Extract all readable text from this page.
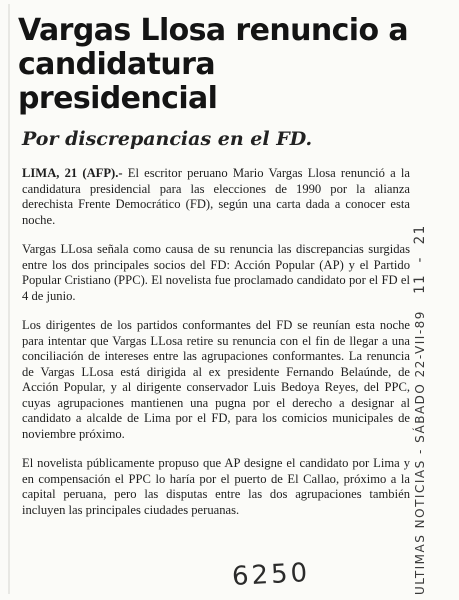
Vargas Llosa renuncio a
candidatura presidencial
Por discrepancias en el FD.

LIMA, 21 (AFP).- El escritor peruano Mario Vargas Llosa renunció a la candidatura presidencial para las elecciones de 1990 por la alianza derechista Frente Democrático (FD), según una carta dada a conocer esta noche.

Vargas LLosa señala como causa de su renuncia las discrepancias surgidas entre los dos principales socios del FD: Acción Popular (AP) y el Partido Popular Cristiano (PPC). El novelista fue proclamado candidato por el FD el 4 de junio.

Los dirigentes de los partidos conformantes del FD se reunían esta noche para intentar que Vargas LLosa retire su renuncia con el fin de llegar a una conciliación de intereses entre las agrupaciones conformantes. La renuncia de Vargas LLosa está dirigida al ex presidente Fernando Belaúnde, de Acción Popular, y al dirigente conservador Luis Bedoya Reyes, del PPC, cuyas agrupaciones mantienen una pugna por el derecho a designar al candidato a alcalde de Lima por el FD, para los comicios municipales de noviembre próximo.

El novelista públicamente propuso que AP designe el candidato por Lima y en compensación el PPC lo haría por el puerto de El Callao, próximo a la capital peruana, pero las disputas entre las dos agrupaciones también incluyen las principales ciudades peruanas.	ULTIMAS NOTICIAS - SÁBADO 22-VII-8911 - 21
6250
